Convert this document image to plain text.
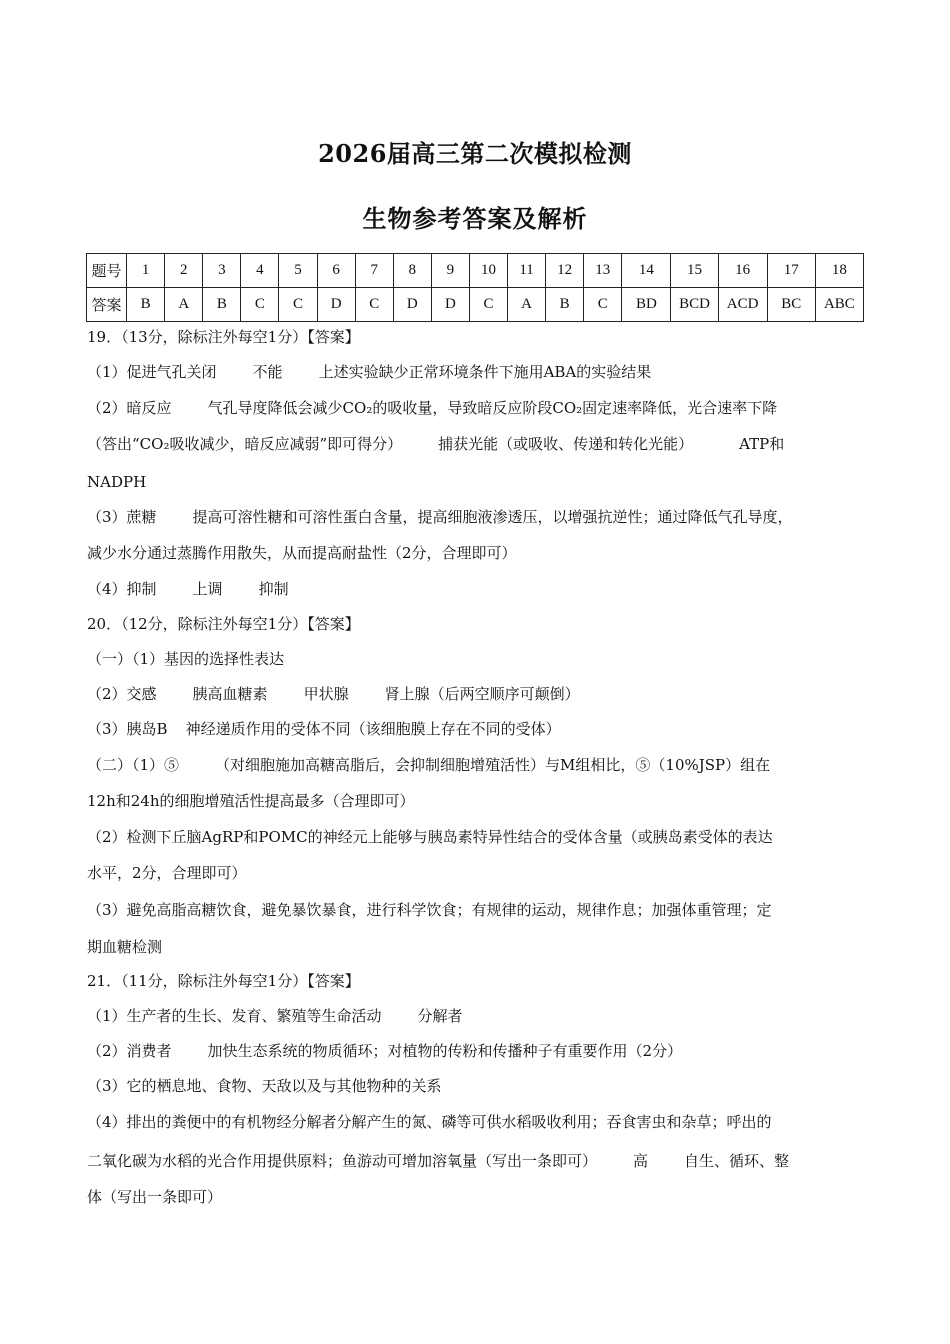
2026届高三第二次模拟检测
生物参考答案及解析
题号	1	2	3	4	5	6	7	8	9	10	11	12	13	14	15	16	17	18
答案	B	A	B	C	C	D	C	D	D	C	A	B	C	BD	BCD	ACD	BC	ABC
19．（13分，除标注外每空1分）【答案】
（1）促进气孔关闭 不能 上述实验缺少正常环境条件下施用ABA的实验结果
（2）暗反应 气孔导度降低会减少CO₂的吸收量，导致暗反应阶段CO₂固定速率降低，光合速率下降
（答出“CO₂吸收减少，暗反应减弱”即可得分） 捕获光能（或吸收、传递和转化光能）	ATP和
NADPH
（3）蔗糖 提高可溶性糖和可溶性蛋白含量，提高细胞液渗透压，以增强抗逆性；通过降低气孔导度，
减少水分通过蒸腾作用散失，从而提高耐盐性（2分，合理即可）
（4）抑制 上调 抑制
20．（12分，除标注外每空1分）【答案】
（一）（1）基因的选择性表达
（2）交感 胰高血糖素 甲状腺 肾上腺（后两空顺序可颠倒）
（3）胰岛B 神经递质作用的受体不同（该细胞膜上存在不同的受体）
（二）（1）⑤ （对细胞施加高糖高脂后，会抑制细胞增殖活性）与M组相比，⑤（10%JSP）组在
12h和24h的细胞增殖活性提高最多（合理即可）
（2）检测下丘脑AgRP和POMC的神经元上能够与胰岛素特异性结合的受体含量（或胰岛素受体的表达
水平，2分，合理即可）
（3）避免高脂高糖饮食，避免暴饮暴食，进行科学饮食；有规律的运动，规律作息；加强体重管理；定
期血糖检测
21．（11分，除标注外每空1分）【答案】
（1）生产者的生长、发育、繁殖等生命活动 分解者
（2）消费者 加快生态系统的物质循环；对植物的传粉和传播种子有重要作用（2分）
（3）它的栖息地、食物、天敌以及与其他物种的关系
（4）排出的粪便中的有机物经分解者分解产生的氮、磷等可供水稻吸收利用；吞食害虫和杂草；呼出的
二氧化碳为水稻的光合作用提供原料；鱼游动可增加溶氧量（写出一条即可） 高 自生、循环、整
体（写出一条即可）
